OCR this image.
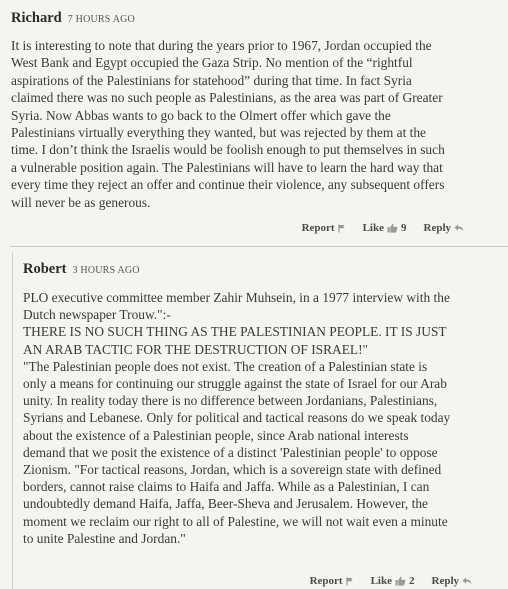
Richard 7 HOURS AGO
It is interesting to note that during the years prior to 1967, Jordan occupied the
West Bank and Egypt occupied the Gaza Strip. No mention of the “rightful
aspirations of the Palestinians for statehood” during that time. In fact Syria
claimed there was no such people as Palestinians, as the area was part of Greater
Syria. Now Abbas wants to go back to the Olmert offer which gave the
Palestinians virtually everything they wanted, but was rejected by them at the
time. I don’t think the Israelis would be foolish enough to put themselves in such
a vulnerable position again. The Palestinians will have to learn the hard way that
every time they reject an offer and continue their violence, any subsequent offers
will never be as generous.
Report	Like 9 Reply
Robert 3 HOURS AGO
PLO executive committee member Zahir Muhsein, in a 1977 interview with the
Dutch newspaper Trouw.":-
THERE IS NO SUCH THING AS THE PALESTINIAN PEOPLE. IT IS JUST
AN ARAB TACTIC FOR THE DESTRUCTION OF ISRAEL!"
"The Palestinian people does not exist. The creation of a Palestinian state is
only a means for continuing our struggle against the state of Israel for our Arab
unity. In reality today there is no difference between Jordanians, Palestinians,
Syrians and Lebanese. Only for political and tactical reasons do we speak today
about the existence of a Palestinian people, since Arab national interests
demand that we posit the existence of a distinct 'Palestinian people' to oppose
Zionism. "For tactical reasons, Jordan, which is a sovereign state with defined
borders, cannot raise claims to Haifa and Jaffa. While as a Palestinian, I can
undoubtedly demand Haifa, Jaffa, Beer-Sheva and Jerusalem. However, the
moment we reclaim our right to all of Palestine, we will not wait even a minute
to unite Palestine and Jordan."
Report	Like 2 Reply
